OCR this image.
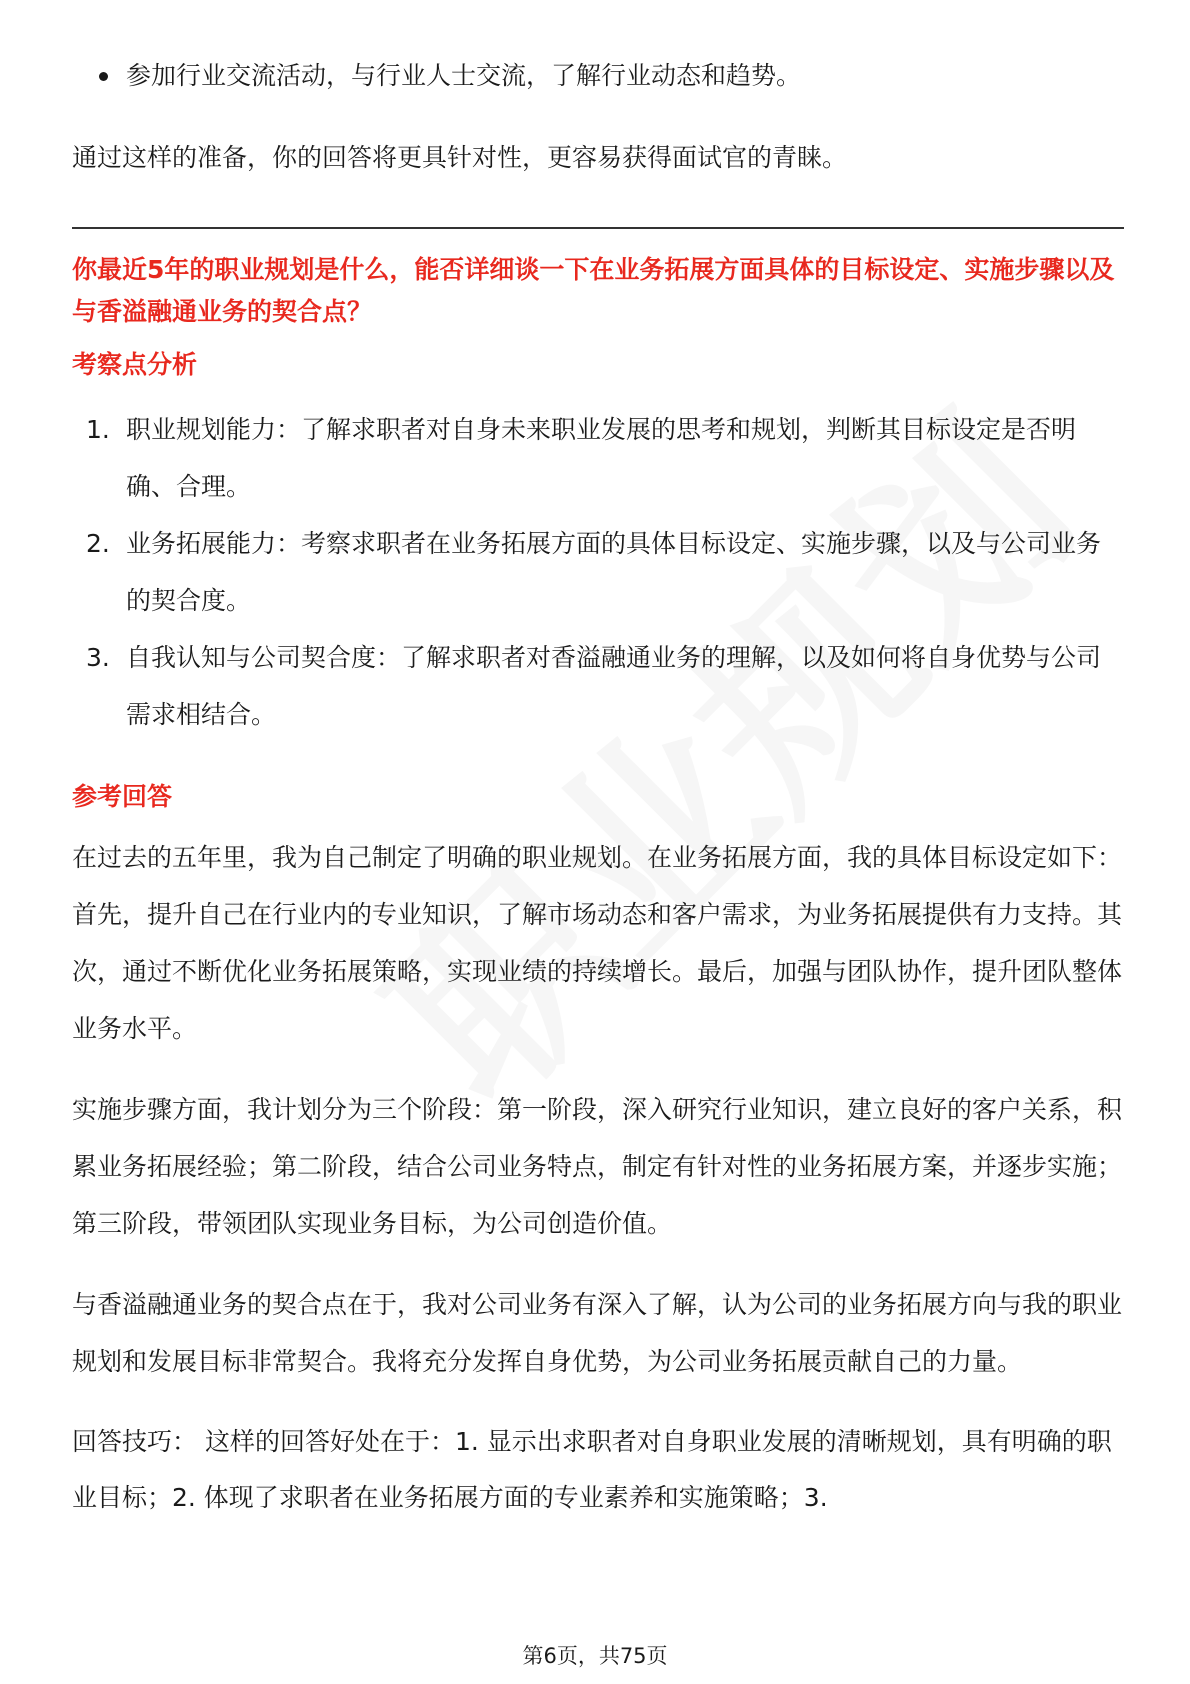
参加行业交流活动，与行业人士交流，了解行业动态和趋势。

通过这样的准备，你的回答将更具针对性，更容易获得面试官的青睐。

你最近5年的职业规划是什么，能否详细谈一下在业务拓展方面具体的目标设定、实施步骤以及与香溢融通业务的契合点？

考察点分析
1. 职业规划能力：了解求职者对自身未来职业发展的思考和规划，判断其目标设定是否明确、合理。
2. 业务拓展能力：考察求职者在业务拓展方面的具体目标设定、实施步骤，以及与公司业务的契合度。
3. 自我认知与公司契合度：了解求职者对香溢融通业务的理解，以及如何将自身优势与公司需求相结合。
参考回答

在过去的五年里，我为自己制定了明确的职业规划。在业务拓展方面，我的具体目标设定如下：首先，提升自己在行业内的专业知识，了解市场动态和客户需求，为业务拓展提供有力支持。其次，通过不断优化业务拓展策略，实现业绩的持续增长。最后，加强与团队协作，提升团队整体业务水平。

实施步骤方面，我计划分为三个阶段：第一阶段，深入研究行业知识，建立良好的客户关系，积累业务拓展经验；第二阶段，结合公司业务特点，制定有针对性的业务拓展方案，并逐步实施；第三阶段，带领团队实现业务目标，为公司创造价值。

与香溢融通业务的契合点在于，我对公司业务有深入了解，认为公司的业务拓展方向与我的职业规划和发展目标非常契合。我将充分发挥自身优势，为公司业务拓展贡献自己的力量。

回答技巧： 这样的回答好处在于：1. 显示出求职者对自身职业发展的清晰规划，具有明确的职业目标；2. 体现了求职者在业务拓展方面的专业素养和实施策略；3.

第6页，共75页
